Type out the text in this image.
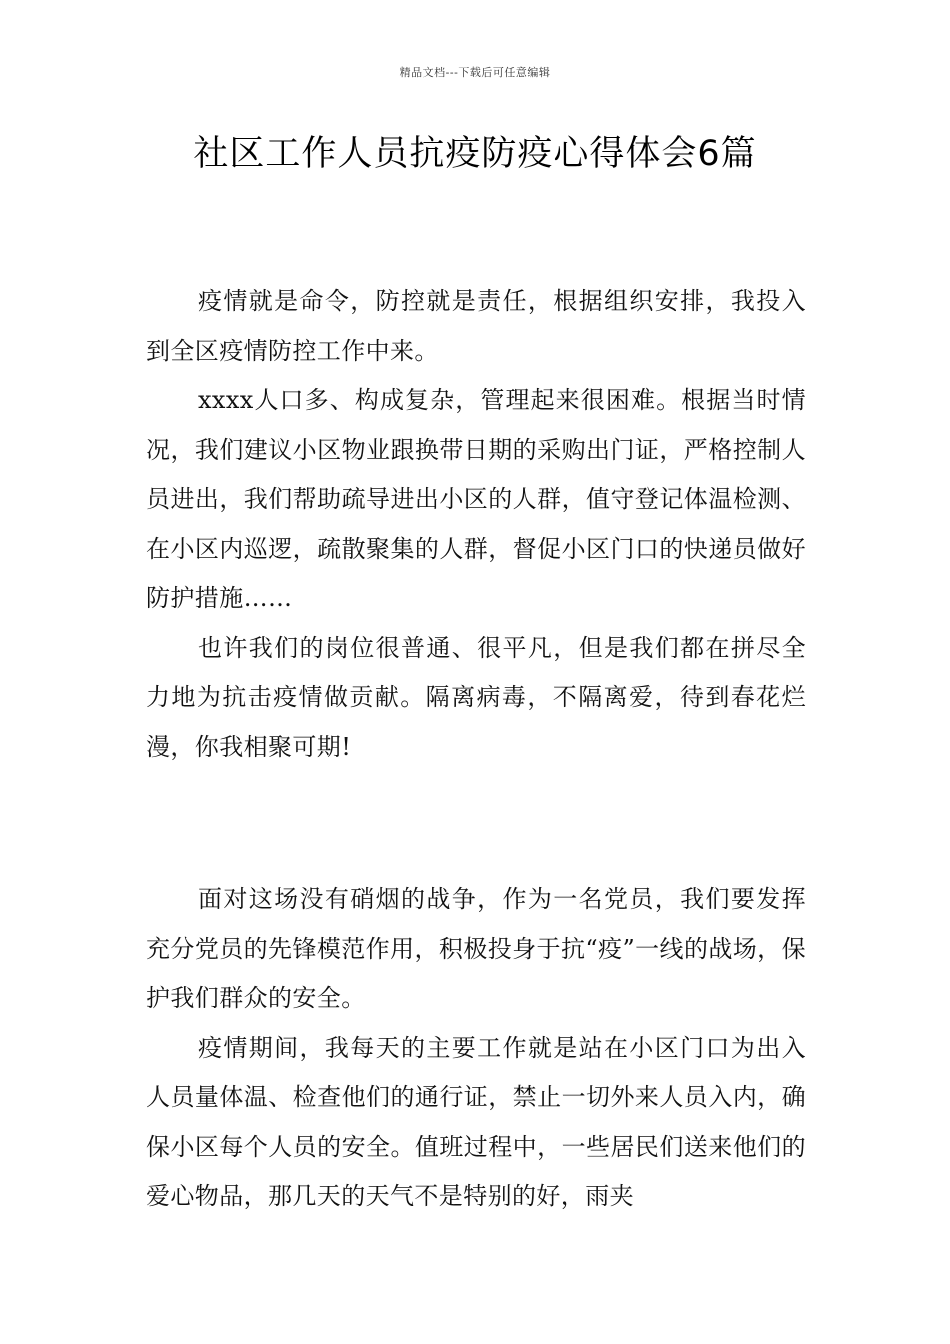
精品文档---下载后可任意编辑
社区工作人员抗疫防疫心得体会6篇

疫情就是命令，防控就是责任，根据组织安排，我投入到全区疫情防控工作中来。

xxxx人口多、构成复杂，管理起来很困难。根据当时情况，我们建议小区物业跟换带日期的采购出门证，严格控制人员进出，我们帮助疏导进出小区的人群，值守登记体温检测、在小区内巡逻，疏散聚集的人群，督促小区门口的快递员做好防护措施……

也许我们的岗位很普通、很平凡，但是我们都在拼尽全力地为抗击疫情做贡献。隔离病毒，不隔离爱，待到春花烂漫，你我相聚可期!

面对这场没有硝烟的战争，作为一名党员，我们要发挥充分党员的先锋模范作用，积极投身于抗“疫”一线的战场，保护我们群众的安全。

疫情期间，我每天的主要工作就是站在小区门口为出入人员量体温、检查他们的通行证，禁止一切外来人员入内，确保小区每个人员的安全。值班过程中，一些居民们送来他们的爱心物品，那几天的天气不是特别的好，雨夹
